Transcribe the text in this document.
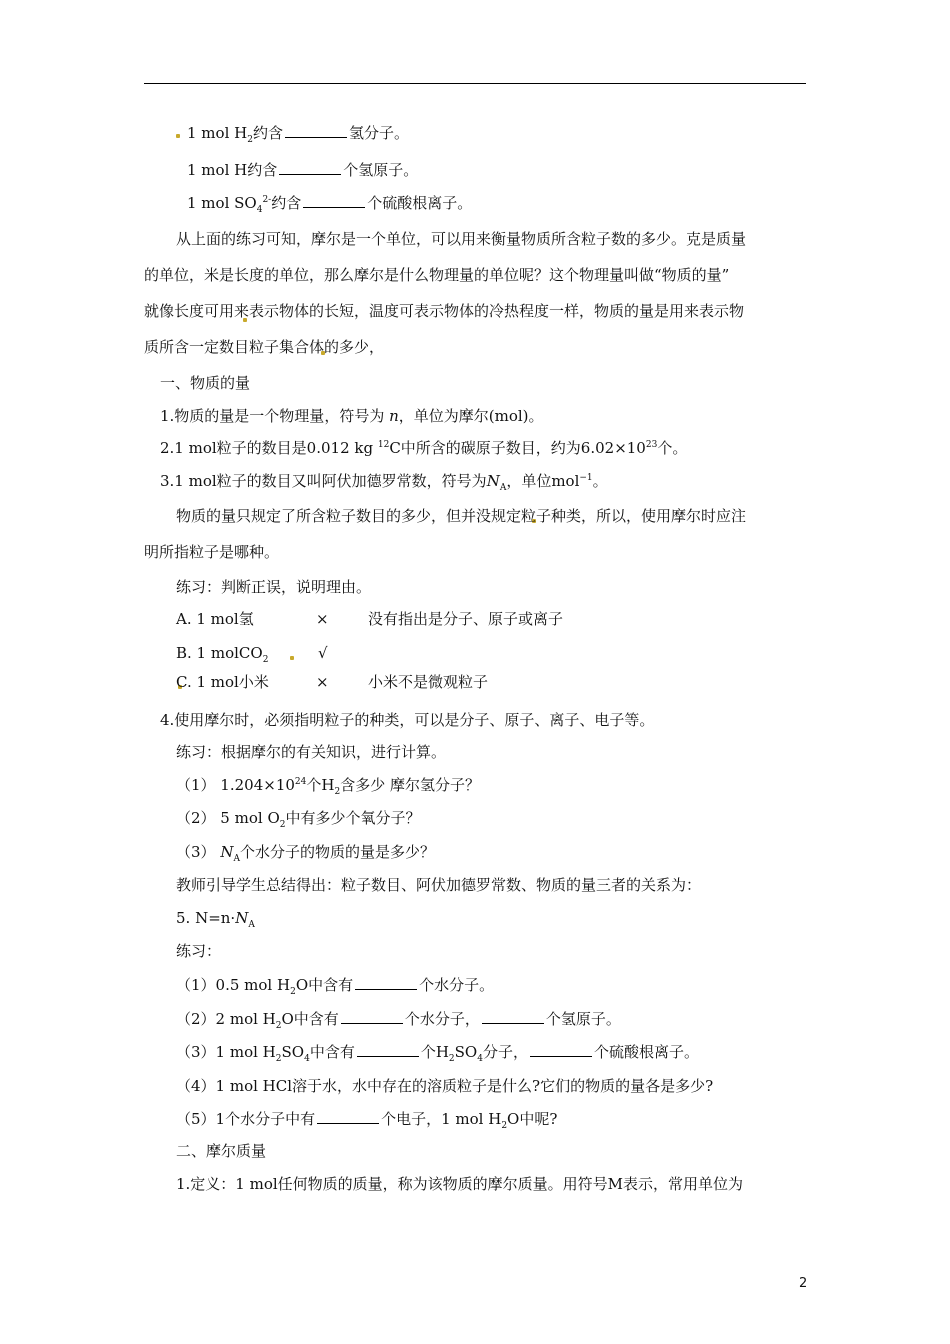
1 mol $H_2$约含	氢分子。
1 mol H约含	个氢原子。
1 mol $SO_4^{2-}$约含	个硫酸根离子。
从上面的练习可知，摩尔是一个单位，可以用来衡量物质所含粒子数的多少。克是质量
的单位，米是长度的单位，那么摩尔是什么物理量的单位呢？这个物理量叫做“物质的量”
就像长度可用来表示物体的长短，温度可表示物体的冷热程度一样，物质的量是用来表示物
质所含一定数目粒子集合体的多少，
一、物质的量
1.物质的量是一个物理量，符号为 n，单位为摩尔(mol)。
2.1 mol粒子的数目是0.012 kg $^{12}$C中所含的碳原子数目，约为$6.02\times 10^{23}$个。
3.1 mol粒子的数目又叫阿伏加德罗常数，符号为$N_A$，单位mol$^{-1}$。
物质的量只规定了所含粒子数目的多少，但并没规定粒子种类，所以，使用摩尔时应注
明所指粒子是哪种。
练习：判断正误，说明理由。
A. 1 mol氢	×	没有指出是分子、原子或离子
B. 1 molCO$_2$	√
C. 1 mol小米	×	小米不是微观粒子
4.使用摩尔时，必须指明粒子的种类，可以是分子、原子、离子、电子等。
练习：根据摩尔的有关知识，进行计算。
（1） $1.204\times 10^{24}$个$H_2$含多少 摩尔氢分子？
（2） 5 mol $O_2$中有多少个氧分子？
（3） $N_A$个水分子的物质的量是多少？
教师引导学生总结得出：粒子数目、阿伏加德罗常数、物质的量三者的关系为：
5. $N=n\cdot N_A$
练习：
（1）0.5 mol $H_2O$中含有	个水分子。
（2）2 mol $H_2O$中含有	个水分子，	个氢原子。
（3）1 mol $H_2SO_4$中含有	个$H_2SO_4$分子，	个硫酸根离子。
（4）1 mol HCl溶于水，水中存在的溶质粒子是什么?它们的物质的量各是多少?
（5）1个水分子中有	个电子，1 mol $H_2O$中呢?
二、摩尔质量
1.定义：1 mol任何物质的质量，称为该物质的摩尔质量。用符号M表示，常用单位为
2
